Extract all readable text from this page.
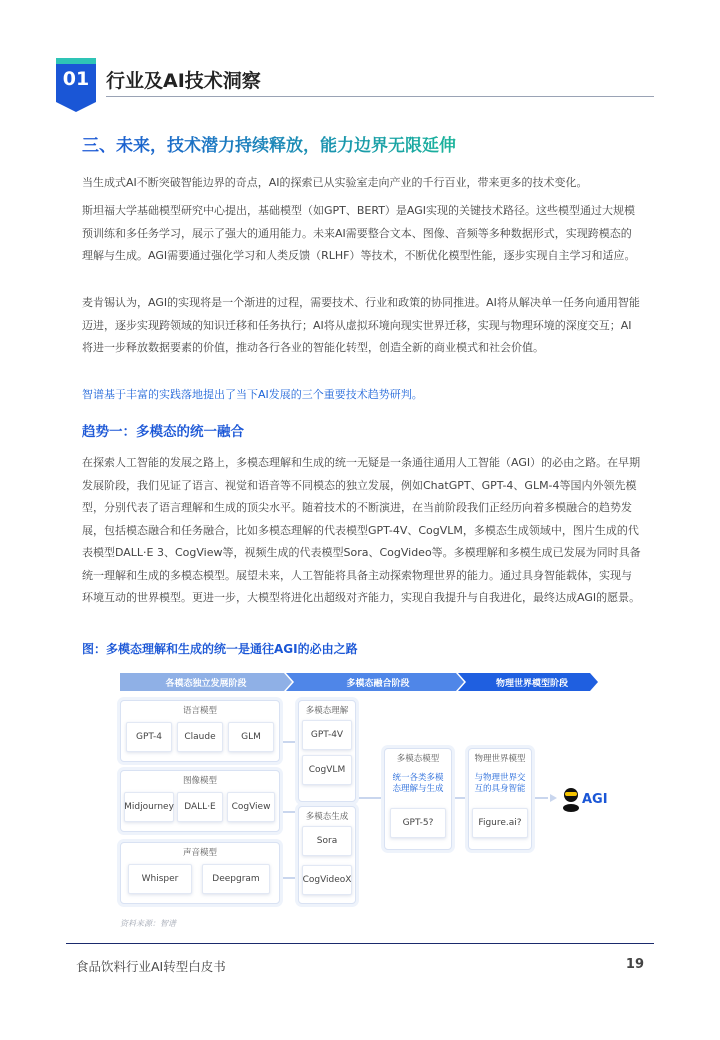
01 行业及AI技术洞察
三、未来，技术潜力持续释放，能力边界无限延伸
当生成式AI不断突破智能边界的奇点，AI的探索已从实验室走向产业的千行百业，带来更多的技术变化。
斯坦福大学基础模型研究中心提出，基础模型（如GPT、BERT）是AGI实现的关键技术路径。这些模型通过大规模预训练和多任务学习，展示了强大的通用能力。未来AI需要整合文本、图像、音频等多种数据形式，实现跨模态的理解与生成。AGI需要通过强化学习和人类反馈（RLHF）等技术，不断优化模型性能，逐步实现自主学习和适应。
麦肯锡认为，AGI的实现将是一个渐进的过程，需要技术、行业和政策的协同推进。AI将从解决单一任务向通用智能迈进，逐步实现跨领域的知识迁移和任务执行；AI将从虚拟环境向现实世界迁移，实现与物理环境的深度交互；AI将进一步释放数据要素的价值，推动各行各业的智能化转型，创造全新的商业模式和社会价值。
智谱基于丰富的实践落地提出了当下AI发展的三个重要技术趋势研判。
趋势一：多模态的统一融合
在探索人工智能的发展之路上，多模态理解和生成的统一无疑是一条通往通用人工智能（AGI）的必由之路。在早期发展阶段，我们见证了语言、视觉和语音等不同模态的独立发展，例如ChatGPT、GPT-4、GLM-4等国内外领先模型，分别代表了语言理解和生成的顶尖水平。随着技术的不断演进，在当前阶段我们正经历向着多模融合的趋势发展，包括模态融合和任务融合，比如多模态理解的代表模型GPT-4V、CogVLM，多模态生成领域中，图片生成的代表模型DALL·E 3、CogView等，视频生成的代表模型Sora、CogVideo等。多模理解和多模生成已发展为同时具备统一理解和生成的多模态模型。展望未来，人工智能将具备主动探索物理世界的能力。通过具身智能载体，实现与环境互动的世界模型。更进一步，大模型将进化出超级对齐能力，实现自我提升与自我进化，最终达成AGI的愿景。
图：多模态理解和生成的统一是通往AGI的必由之路
各模态独立发展阶段	多模态融合阶段	物理世界模型阶段
语言模型
GPT-4	Claude	GLM
图像模型
Midjourney	DALL·E	CogView
声音模型
Whisper	Deepgram
多模态理解
GPT-4V
CogVLM
多模态生成
Sora
CogVideoX
多模态模型
统一各类多模
态理解与生成
GPT-5?
物理世界模型
与物理世界交
互的具身智能
Figure.ai?
AGI
资料来源：智谱
食品饮料行业AI转型白皮书	19
